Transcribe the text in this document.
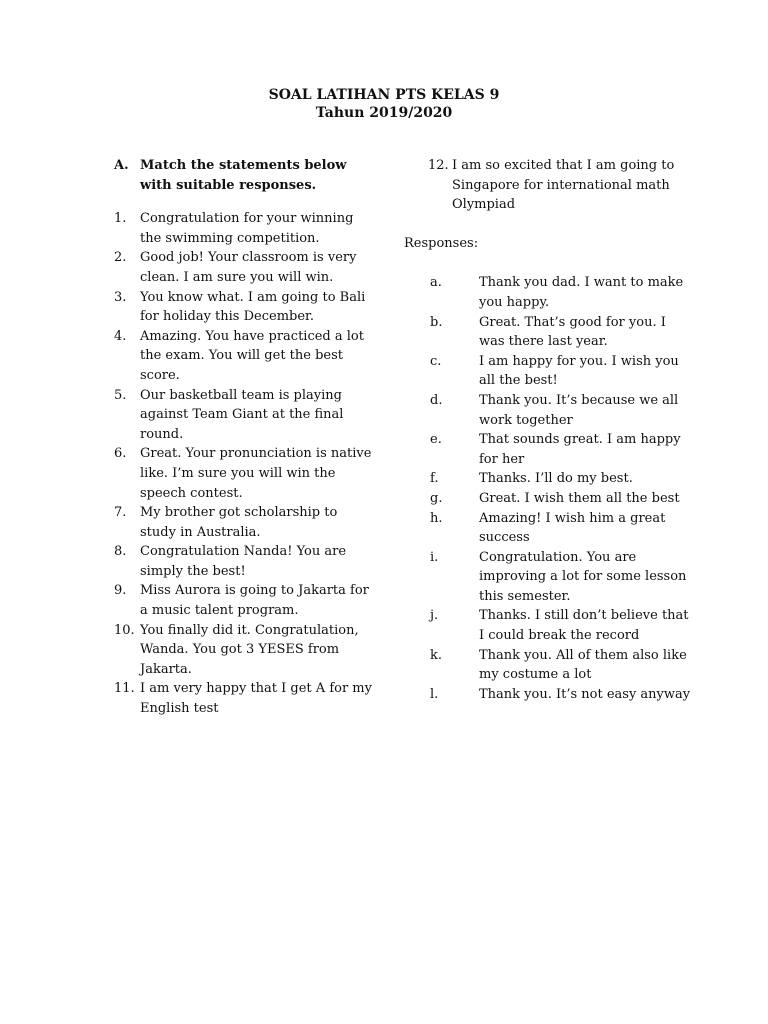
SOAL LATIHAN PTS KELAS 9
Tahun 2019/2020
A. Match the statements below with suitable responses.
1.	Congratulation for your winning the swimming competition.
2.	Good job! Your classroom is very clean. I am sure you will win.
3.	You know what. I am going to Bali for holiday this December.
4.	Amazing. You have practiced a lot the exam. You will get the best score.
5.	Our basketball team is playing against Team Giant at the final round.
6.	Great. Your pronunciation is native like. I’m sure you will win the speech contest.
7.	My brother got scholarship to study in Australia.
8.	Congratulation Nanda! You are simply the best!
9.	Miss Aurora is going to Jakarta for a music talent program.
10. You finally did it. Congratulation, Wanda. You got 3 YESES from Jakarta.
11. I am very happy that I get A for my English test
12. I am so excited that I am going to Singapore for international math Olympiad
Responses:
a.	Thank you dad. I want to make you happy.
b.	Great. That’s good for you. I was there last year.
c.	I am happy for you. I wish you all the best!
d.	Thank you. It’s because we all work together
e.	That sounds great. I am happy for her
f.	Thanks. I’ll do my best.
g.	Great. I wish them all the best
h.	Amazing! I wish him a great success
i.	Congratulation. You are improving a lot for some lesson this semester.
j.	Thanks. I still don’t believe that I could break the record
k.	Thank you. All of them also like my costume a lot
l.	Thank you. It’s not easy anyway
